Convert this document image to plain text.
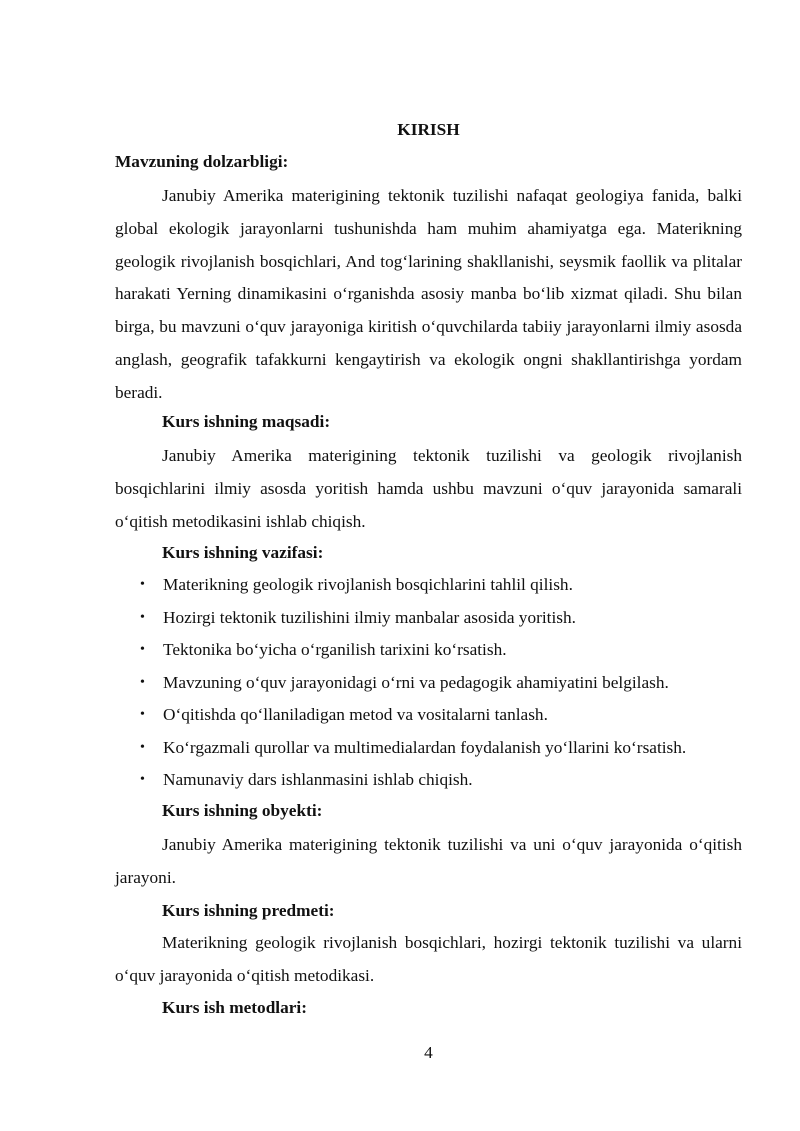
KIRISH
Mavzuning dolzarbligi:

Janubiy Amerika materigining tektonik tuzilishi nafaqat geologiya fanida, balki global ekologik jarayonlarni tushunishda ham muhim ahamiyatga ega. Materikning geologik rivojlanish bosqichlari, And tog‘larining shakllanishi, seysmik faollik va plitalar harakati Yerning dinamikasini o‘rganishda asosiy manba bo‘lib xizmat qiladi. Shu bilan birga, bu mavzuni o‘quv jarayoniga kiritish o‘quvchilarda tabiiy jarayonlarni ilmiy asosda anglash, geografik tafakkurni kengaytirish va ekologik ongni shakllantirishga yordam beradi.

Kurs ishning maqsadi:

Janubiy Amerika materigining tektonik tuzilishi va geologik rivojlanish bosqichlarini ilmiy asosda yoritish hamda ushbu mavzuni o‘quv jarayonida samarali o‘qitish metodikasini ishlab chiqish.

Kurs ishning vazifasi:
• Materikning geologik rivojlanish bosqichlarini tahlil qilish.
• Hozirgi tektonik tuzilishini ilmiy manbalar asosida yoritish.
• Tektonika bo‘yicha o‘rganilish tarixini ko‘rsatish.
• Mavzuning o‘quv jarayonidagi o‘rni va pedagogik ahamiyatini belgilash.
• O‘qitishda qo‘llaniladigan metod va vositalarni tanlash.
• Ko‘rgazmali qurollar va multimedialardan foydalanish yo‘llarini ko‘rsatish.
• Namunaviy dars ishlanmasini ishlab chiqish.
Kurs ishning obyekti:

Janubiy Amerika materigining tektonik tuzilishi va uni o‘quv jarayonida o‘qitish jarayoni.

Kurs ishning predmeti:

Materikning geologik rivojlanish bosqichlari, hozirgi tektonik tuzilishi va ularni o‘quv jarayonida o‘qitish metodikasi.

Kurs ish metodlari:
4
